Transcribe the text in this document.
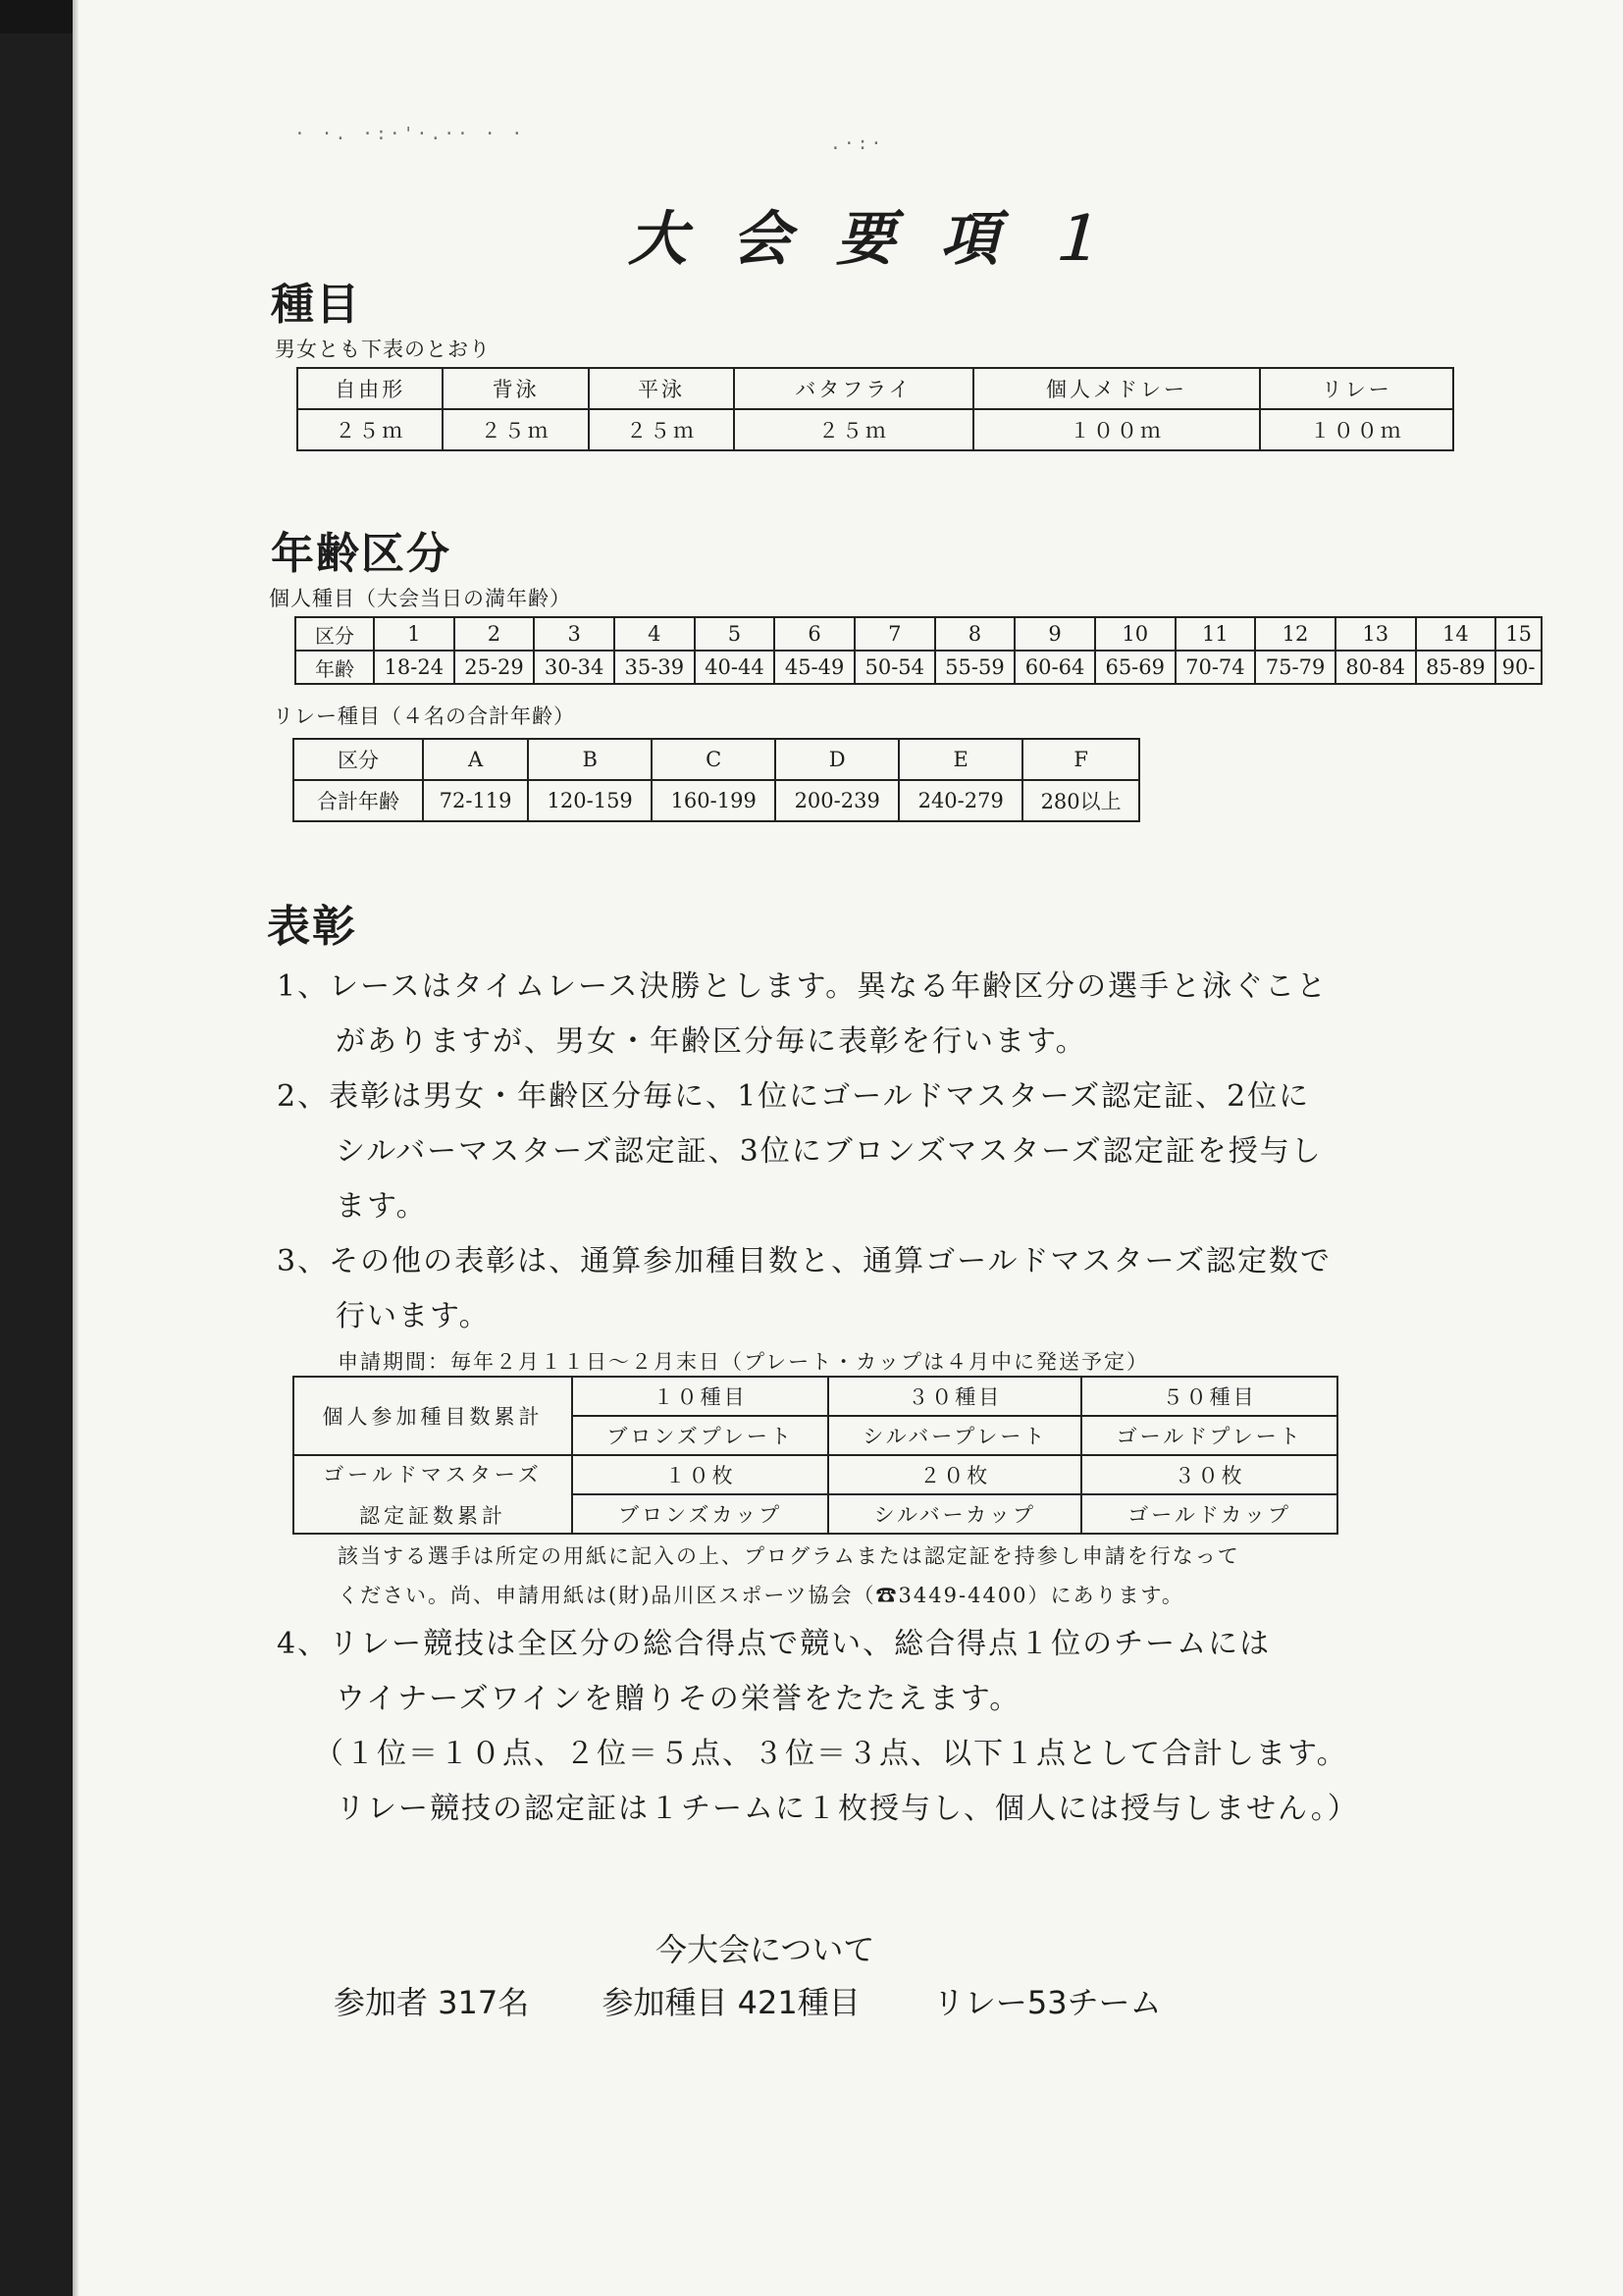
· ·. ·:·'·.·· · ·	.·:·
大会要項１
種目
男女とも下表のとおり
自由形	背泳	平泳	バタフライ	個人メドレー	リレー
２５ｍ	２５ｍ	２５ｍ	２５ｍ	１００ｍ	１００ｍ
年齢区分
個人種目（大会当日の満年齢）
区分	1	2	3	4	5	6	7	8	9	10	11	12	13	14	15
年齢	18-24	25-29	30-34	35-39	40-44	45-49	50-54	55-59	60-64	65-69	70-74	75-79	80-84	85-89	90-
リレー種目（４名の合計年齢）
区分	A	B	C	D	E	F
合計年齢	72-119	120-159	160-199	200-239	240-279	280以上
表彰
1、レースはタイムレース決勝とします。異なる年齢区分の選手と泳ぐこと
がありますが、男女・年齢区分毎に表彰を行います。
2、表彰は男女・年齢区分毎に、1位にゴールドマスターズ認定証、2位に
シルバーマスターズ認定証、3位にブロンズマスターズ認定証を授与し
ます。
3、その他の表彰は、通算参加種目数と、通算ゴールドマスターズ認定数で
行います。
申請期間：毎年２月１１日～２月末日（プレート・カップは４月中に発送予定）
個人参加種目数累計	１０種目	３０種目	５０種目
	ブロンズプレート	シルバープレート	ゴールドプレート

ゴールドマスターズ
認定証数累計	１０枚	２０枚	３０枚
	ブロンズカップ	シルバーカップ	ゴールドカップ
該当する選手は所定の用紙に記入の上、プログラムまたは認定証を持参し申請を行なって
ください。尚、申請用紙は(財)品川区スポーツ協会（☎3449-4400）にあります。
4、リレー競技は全区分の総合得点で競い、総合得点１位のチームには
ウイナーズワインを贈りその栄誉をたたえます。
（１位＝１０点、２位＝５点、３位＝３点、以下１点として合計します。
リレー競技の認定証は１チームに１枚授与し、個人には授与しません。）
今大会について
参加者 317名 参加種目 421種目 リレー53チーム
